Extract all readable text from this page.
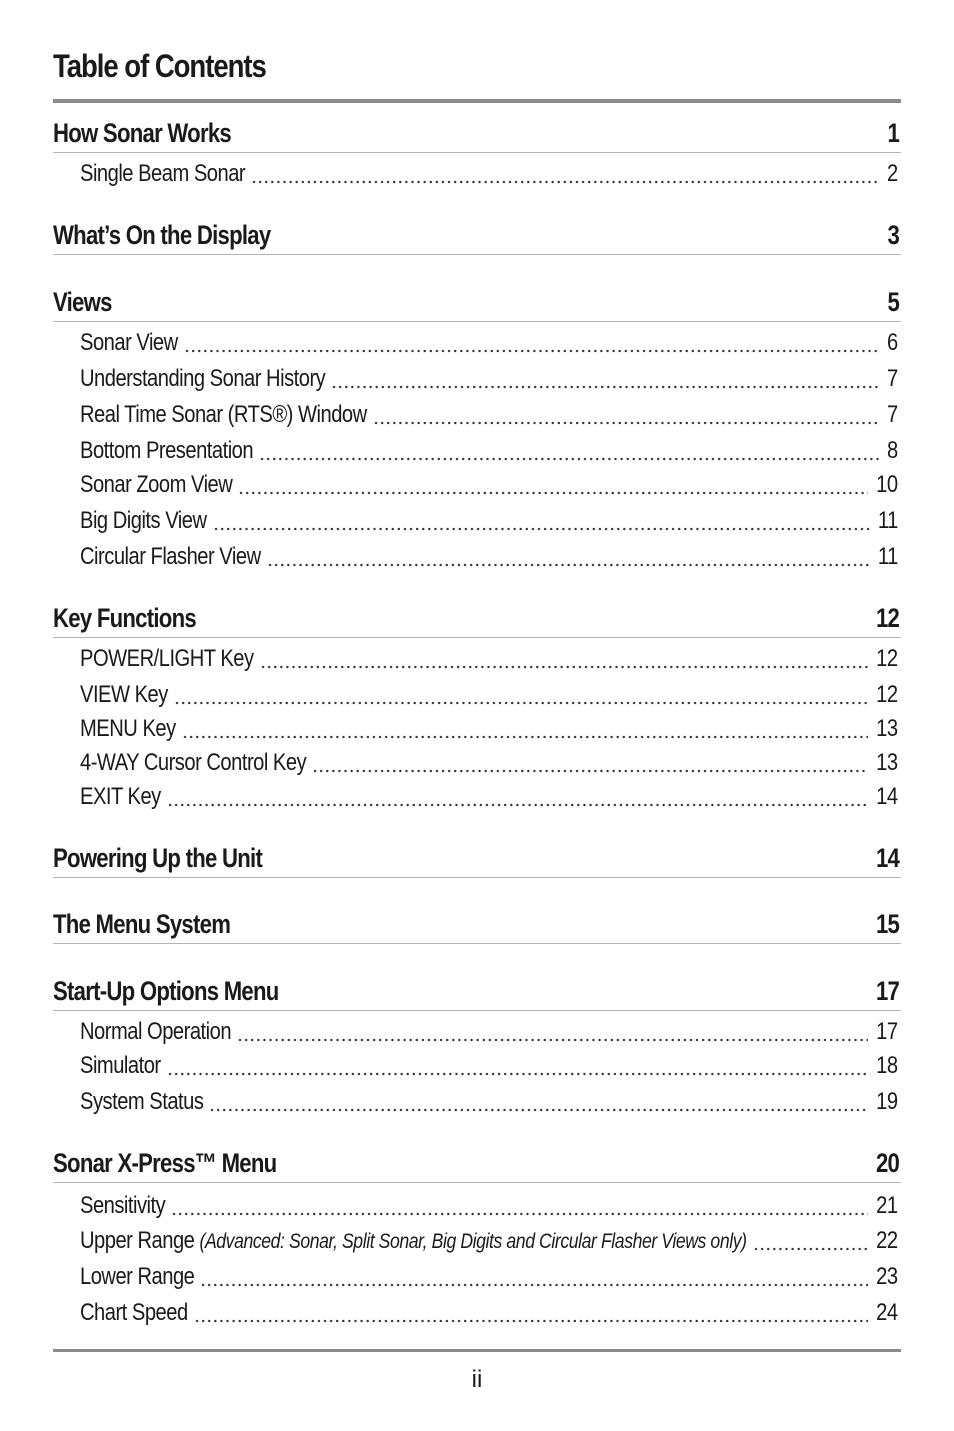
Table of Contents
How Sonar Works	1
Single Beam Sonar	2
What’s On the Display	3
Views	5
Sonar View	6
Understanding Sonar History	7
Real Time Sonar (RTS®) Window	7
Bottom Presentation	8
Sonar Zoom View	10
Big Digits View	11
Circular Flasher View	11
Key Functions	12
POWER/LIGHT Key	12
VIEW Key	12
MENU Key	13
4-WAY Cursor Control Key	13
EXIT Key	14
Powering Up the Unit	14
The Menu System	15
Start-Up Options Menu	17
Normal Operation	17
Simulator	18
System Status	19
Sonar X-Press™ Menu	20
Sensitivity	21
Upper Range (Advanced: Sonar, Split Sonar, Big Digits and Circular Flasher Views only)	22
Lower Range	23
Chart Speed	24
ii
